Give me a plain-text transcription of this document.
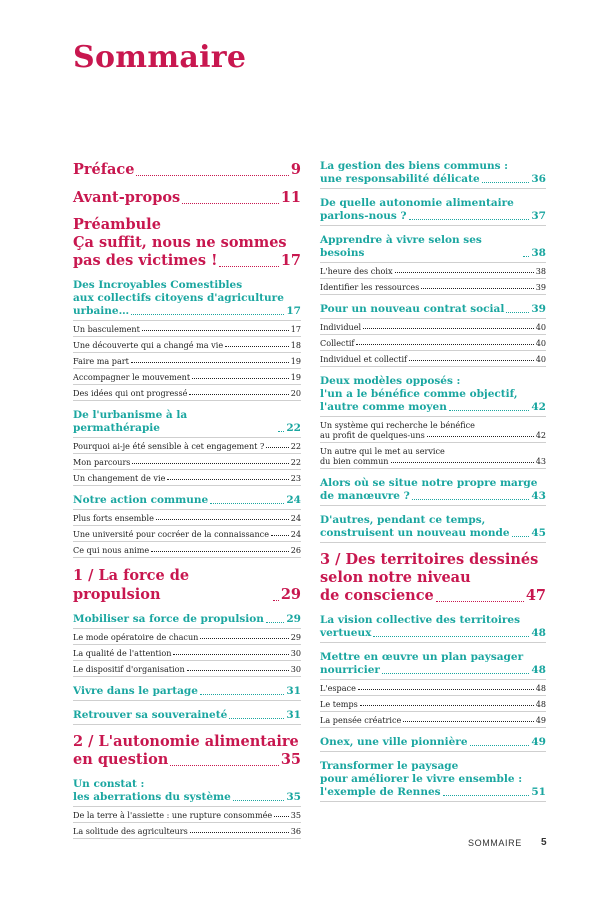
Sommaire
Préface	9
Avant-propos	11
Préambule
Ça suffit, nous ne sommes
pas des victimes !	17
Des Incroyables Comestibles
aux collectifs citoyens d'agriculture
urbaine…	17
Un basculement	17
Une découverte qui a changé ma vie	18
Faire ma part	19
Accompagner le mouvement	19
Des idées qui ont progressé	20
De l'urbanisme à la permathérapie	22
Pourquoi ai-je été sensible à cet engagement ?	22
Mon parcours	22
Un changement de vie	23
Notre action commune	24
Plus forts ensemble	24
Une université pour cocréer de la connaissance	24
Ce qui nous anime	26
1 / La force de propulsion	29
Mobiliser sa force de propulsion 29
Le mode opératoire de chacun	29
La qualité de l'attention	30
Le dispositif d'organisation	30
Vivre dans le partage	31
Retrouver sa souveraineté	31
2 / L'autonomie alimentaire
en question	35
Un constat :
les aberrations du système	35
De la terre à l'assiette : une rupture consommée 35
La solitude des agriculteurs	36
La gestion des biens communs :
une responsabilité délicate	36
De quelle autonomie alimentaire
parlons-nous ?	37
Apprendre à vivre selon ses besoins	38
L'heure des choix	38
Identifier les ressources	39
Pour un nouveau contrat social	39
Individuel	40
Collectif	40
Individuel et collectif	40
Deux modèles opposés :
l'un a le bénéfice comme objectif,
l'autre comme moyen	42
Un système qui recherche le bénéfice
au profit de quelques-uns	42
Un autre qui le met au service
du bien commun	43
Alors où se situe notre propre marge
de manœuvre ?	43
D'autres, pendant ce temps,
construisent un nouveau monde 45
3 / Des territoires dessinés
selon notre niveau
de conscience	47
La vision collective des territoires
vertueux	48
Mettre en œuvre un plan paysager
nourricier	48
L'espace	48
Le temps	48
La pensée créatrice	49
Onex, une ville pionnière	49
Transformer le paysage
pour améliorer le vivre ensemble :
l'exemple de Rennes	51
SOMMAIRE 5
